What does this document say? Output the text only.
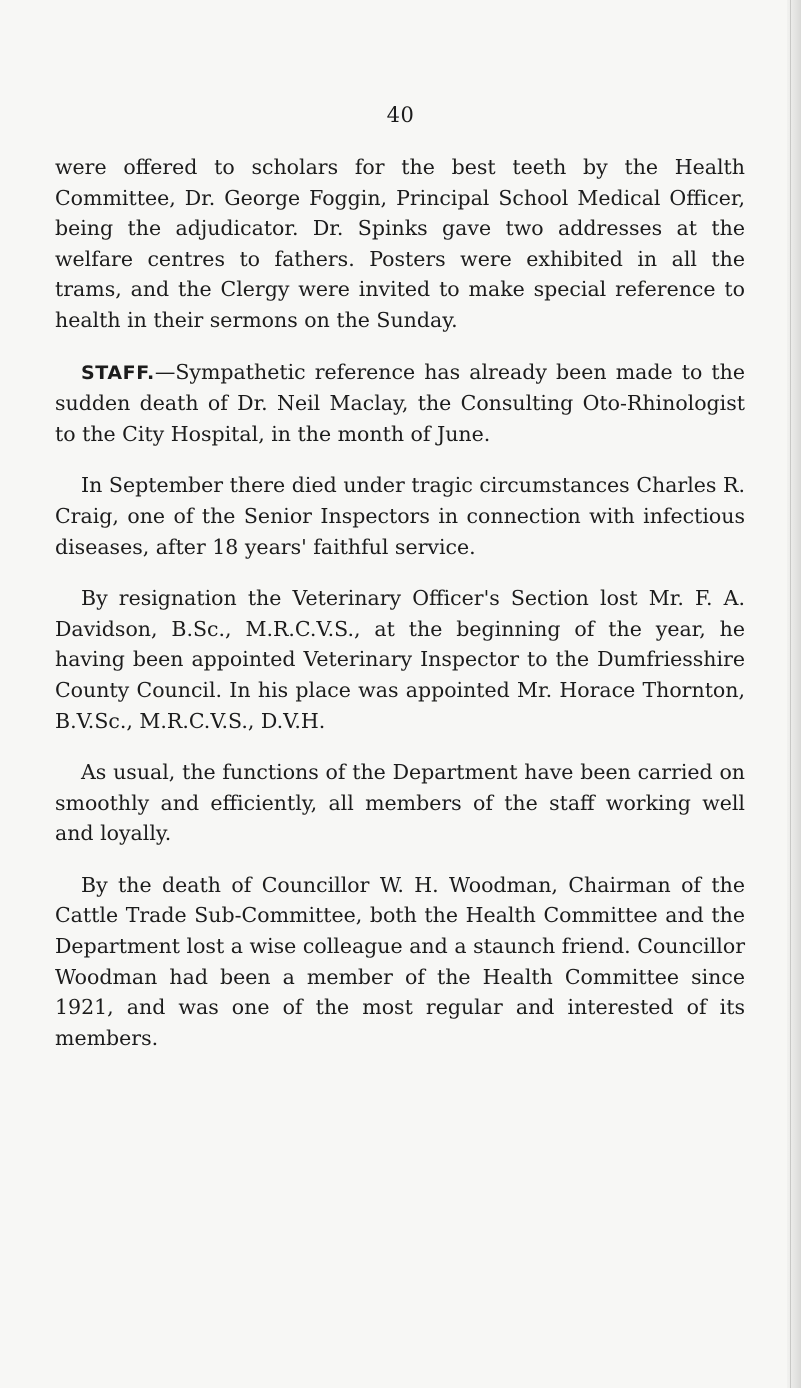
40

were offered to scholars for the best teeth by the Health Committee, Dr. George Foggin, Principal School Medical Officer, being the adjudicator. Dr. Spinks gave two addresses at the welfare centres to fathers. Posters were exhibited in all the trams, and the Clergy were invited to make special reference to health in their sermons on the Sunday.

STAFF.—Sympathetic reference has already been made to the sudden death of Dr. Neil Maclay, the Consulting Oto-Rhinologist to the City Hospital, in the month of June.

In September there died under tragic circumstances Charles R. Craig, one of the Senior Inspectors in connection with infectious diseases, after 18 years' faithful service.

By resignation the Veterinary Officer's Section lost Mr. F. A. Davidson, B.Sc., M.R.C.V.S., at the beginning of the year, he having been appointed Veterinary Inspector to the Dumfriesshire County Council. In his place was appointed Mr. Horace Thornton, B.V.Sc., M.R.C.V.S., D.V.H.

As usual, the functions of the Department have been carried on smoothly and efficiently, all members of the staff working well and loyally.

By the death of Councillor W. H. Woodman, Chairman of the Cattle Trade Sub-Committee, both the Health Committee and the Department lost a wise colleague and a staunch friend. Councillor Woodman had been a member of the Health Committee since 1921, and was one of the most regular and interested of its members.
